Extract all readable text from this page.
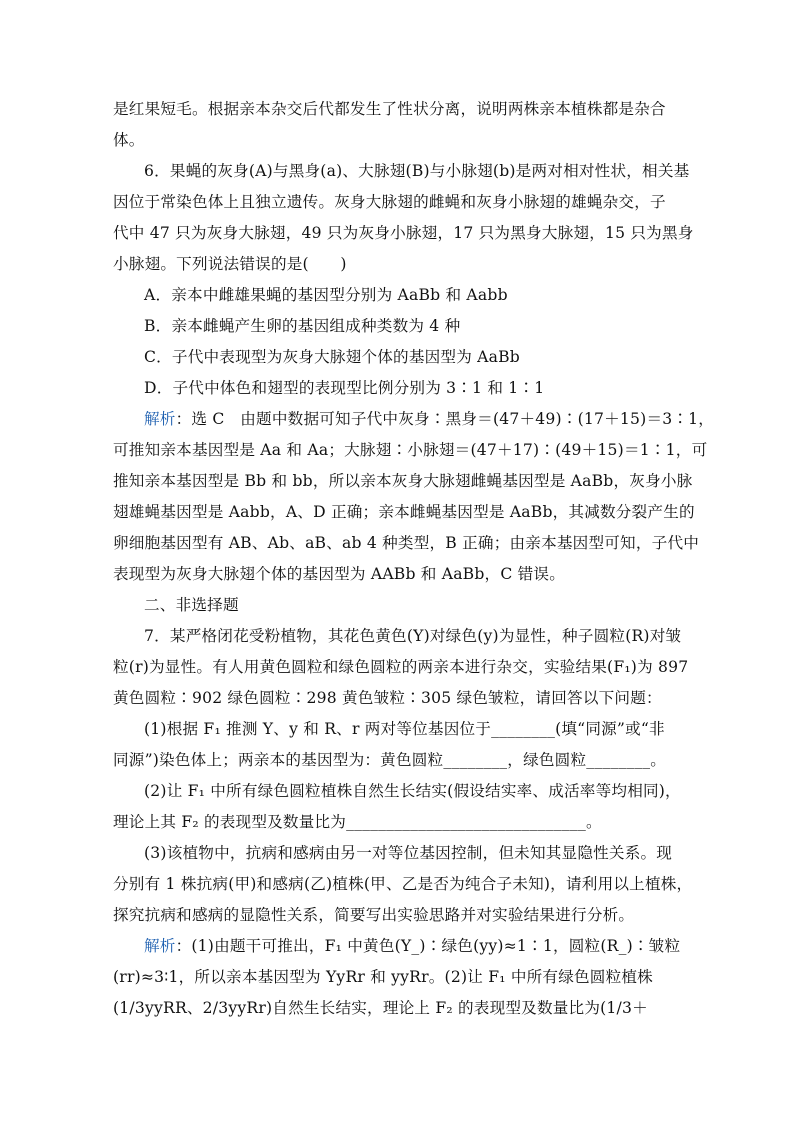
是红果短毛。根据亲本杂交后代都发生了性状分离，说明两株亲本植株都是杂合
体。
6．果蝇的灰身(A)与黑身(a)、大脉翅(B)与小脉翅(b)是两对相对性状，相关基
因位于常染色体上且独立遗传。灰身大脉翅的雌蝇和灰身小脉翅的雄蝇杂交，子
代中 47 只为灰身大脉翅，49 只为灰身小脉翅，17 只为黑身大脉翅，15 只为黑身
小脉翅。下列说法错误的是(　　)
A．亲本中雌雄果蝇的基因型分别为 AaBb 和 Aabb
B．亲本雌蝇产生卵的基因组成种类数为 4 种
C．子代中表现型为灰身大脉翅个体的基因型为 AaBb
D．子代中体色和翅型的表现型比例分别为 3∶1 和 1∶1
解析：选 C　由题中数据可知子代中灰身∶黑身＝(47＋49)∶(17＋15)＝3∶1，
可推知亲本基因型是 Aa 和 Aa；大脉翅∶小脉翅＝(47＋17)∶(49＋15)＝1∶1，可
推知亲本基因型是 Bb 和 bb，所以亲本灰身大脉翅雌蝇基因型是 AaBb，灰身小脉
翅雄蝇基因型是 Aabb，A、D 正确；亲本雌蝇基因型是 AaBb，其减数分裂产生的
卵细胞基因型有 AB、Ab、aB、ab 4 种类型，B 正确；由亲本基因型可知，子代中
表现型为灰身大脉翅个体的基因型为 AABb 和 AaBb，C 错误。
二、非选择题
7．某严格闭花受粉植物，其花色黄色(Y)对绿色(y)为显性，种子圆粒(R)对皱
粒(r)为显性。有人用黄色圆粒和绿色圆粒的两亲本进行杂交，实验结果(F₁)为 897
黄色圆粒∶902 绿色圆粒∶298 黄色皱粒∶305 绿色皱粒，请回答以下问题：
(1)根据 F₁ 推测 Y、y 和 R、r 两对等位基因位于________(填“同源”或“非
同源”)染色体上；两亲本的基因型为：黄色圆粒________，绿色圆粒________。
(2)让 F₁ 中所有绿色圆粒植株自然生长结实(假设结实率、成活率等均相同)，
理论上其 F₂ 的表现型及数量比为______________________________。
(3)该植物中，抗病和感病由另一对等位基因控制，但未知其显隐性关系。现
分别有 1 株抗病(甲)和感病(乙)植株(甲、乙是否为纯合子未知)，请利用以上植株，
探究抗病和感病的显隐性关系，简要写出实验思路并对实验结果进行分析。
解析：(1)由题干可推出，F₁ 中黄色(Y_)∶绿色(yy)≈1∶1，圆粒(R_)∶皱粒
(rr)≈3∶1，所以亲本基因型为 YyRr 和 yyRr。(2)让 F₁ 中所有绿色圆粒植株
(1/3yyRR、2/3yyRr)自然生长结实，理论上 F₂ 的表现型及数量比为(1/3＋
